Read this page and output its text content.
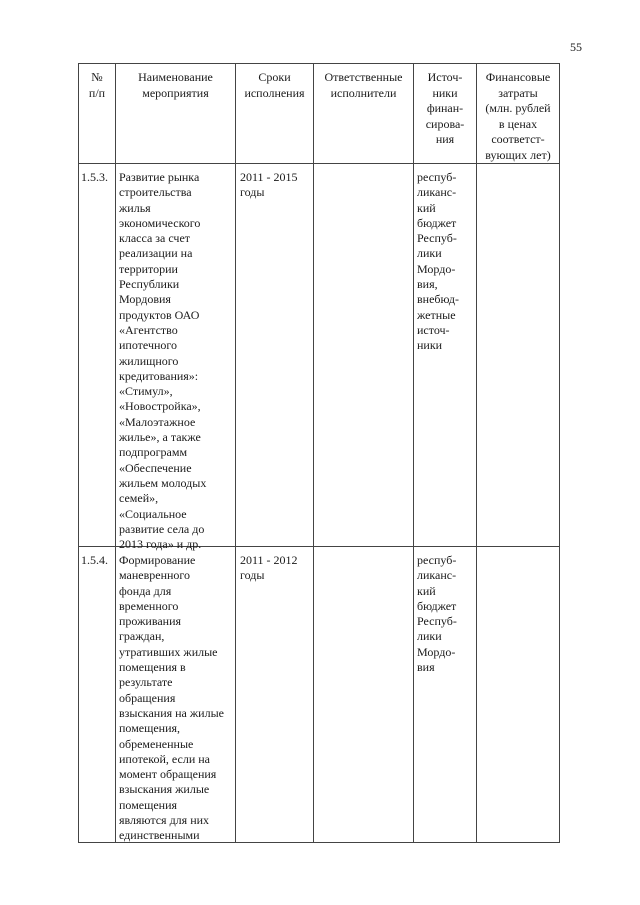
55
№
п/п
Наименование
мероприятия
Сроки
исполнения
Ответственные
исполнители
Источ-
ники
финан-
сирова-
ния
Финансовые
затраты
(млн. рублей
в ценах
соответст-
вующих лет)
1.5.3. Развитие рынка
строительства
жилья
экономического
класса за счет
реализации на
территории
Республики
Мордовия
продуктов ОАО
«Агентство
ипотечного
жилищного
кредитования»:
«Стимул»,
«Новостройка»,
«Малоэтажное
жилье», а также
подпрограмм
«Обеспечение
жильем молодых
семей»,
«Социальное
развитие села до
2013 года» и др.
2011 - 2015
годы
респуб-
ликанс-
кий
бюджет
Респуб-
лики
Мордо-
вия,
внебюд-
жетные
источ-
ники
1.5.4. Формирование
маневренного
фонда для
временного
проживания
граждан,
утративших жилые
помещения в
результате
обращения
взыскания на жилые
помещения,
обремененные
ипотекой, если на
момент обращения
взыскания жилые
помещения
являются для них
единственными
2011 - 2012
годы
респуб-
ликанс-
кий
бюджет
Респуб-
лики
Мордо-
вия
